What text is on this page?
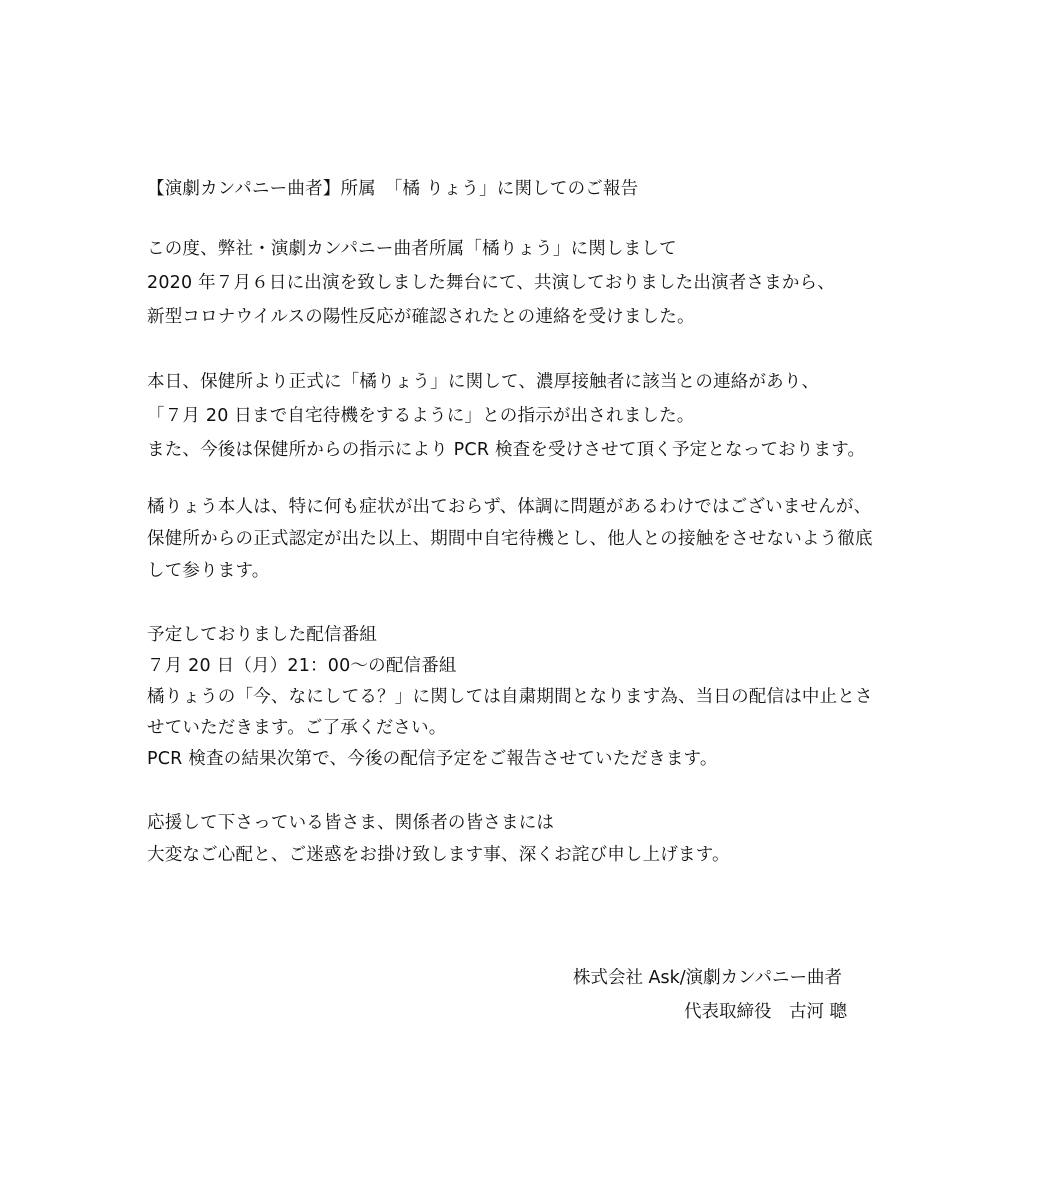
【演劇カンパニー曲者】所属　「橘 りょう」に関してのご報告
この度、弊社・演劇カンパニー曲者所属「橘りょう」に関しまして
2020 年７月６日に出演を致しました舞台にて、共演しておりました出演者さまから、
新型コロナウイルスの陽性反応が確認されたとの連絡を受けました。
本日、保健所より正式に「橘りょう」に関して、濃厚接触者に該当との連絡があり、
「７月 20 日まで自宅待機をするように」との指示が出されました。
また、今後は保健所からの指示により PCR 検査を受けさせて頂く予定となっております。
橘りょう本人は、特に何も症状が出ておらず、体調に問題があるわけではございませんが、
保健所からの正式認定が出た以上、期間中自宅待機とし、他人との接触をさせないよう徹底
して参ります。
予定しておりました配信番組
７月 20 日（月）21：00～の配信番組
橘りょうの「今、なにしてる？」に関しては自粛期間となります為、当日の配信は中止とさ
せていただきます。ご了承ください。
PCR 検査の結果次第で、今後の配信予定をご報告させていただきます。
応援して下さっている皆さま、関係者の皆さまには
大変なご心配と、ご迷惑をお掛け致します事、深くお詫び申し上げます。
株式会社 Ask/演劇カンパニー曲者
代表取締役　古河 聰
